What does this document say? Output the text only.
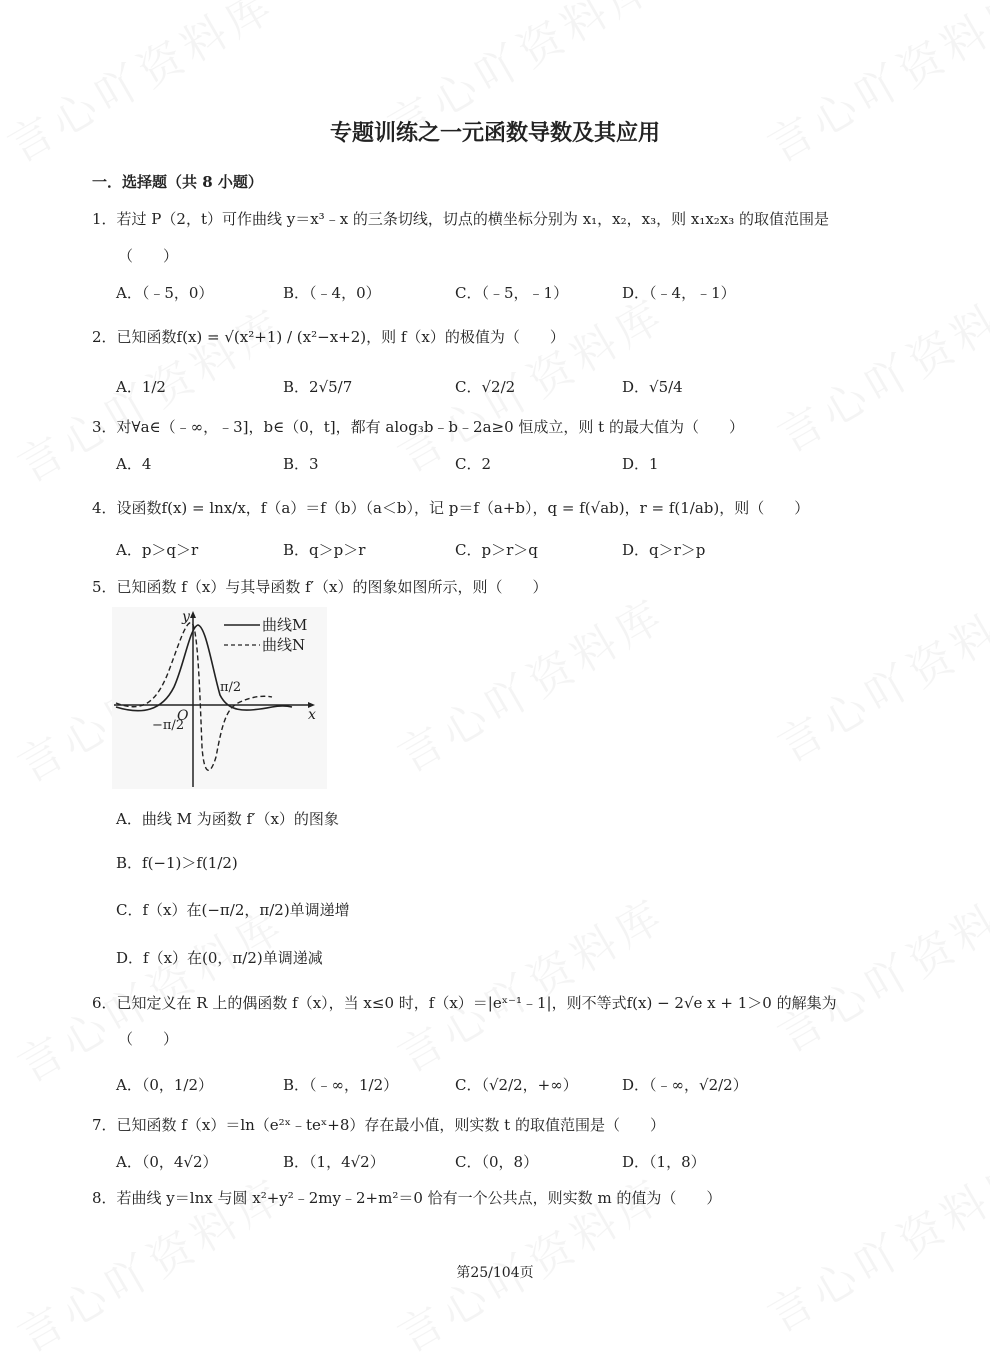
专题训练之一元函数导数及其应用
一．选择题（共 8 小题）
1．若过 P（2，t）可作曲线 y＝x³﹣x 的三条切线，切点的横坐标分别为 x₁，x₂，x₃，则 x₁x₂x₃ 的取值范围是
（　　）
A．（﹣5，0）	B．（﹣4，0）	C．（﹣5，﹣1）	D．（﹣4，﹣1）
2．已知函数f(x) = √(x²+1) / (x²−x+2)，则 f（x）的极值为（　　）
A．1/2	B．2√5/7	C．√2/2	D．√5/4
3．对∀a∈（﹣∞，﹣3]，b∈（0，t]，都有 alog₃b﹣b﹣2a≥0 恒成立，则 t 的最大值为（　　）
A．4	B．3	C．2	D．1
4．设函数f(x) = lnx/x，f（a）＝f（b）（a＜b），记 p＝f（a+b），q = f(√ab)，r = f(1/ab)，则（　　）
A．p＞q＞r	B．q＞p＞r	C．p＞r＞q	D．q＞r＞p
5．已知函数 f（x）与其导函数 f′（x）的图象如图所示，则（　　）
曲线M
曲线N
y
x
O
π/2
−π/2
A．曲线 M 为函数 f′（x）的图象
B．f(−1)＞f(1/2)
C．f（x）在(−π/2，π/2)单调递增
D．f（x）在(0，π/2)单调递减
6．已知定义在 R 上的偶函数 f（x），当 x≤0 时，f（x）＝|eˣ⁻¹﹣1|，则不等式f(x) − 2√e x + 1＞0 的解集为
（　　）
A．（0，1/2）	B．（﹣∞，1/2）	C．（√2/2，+∞）	D．（﹣∞，√2/2）
7．已知函数 f（x）＝ln（e²ˣ﹣teˣ+8）存在最小值，则实数 t 的取值范围是（　　）
A．（0，4√2）	B．（1，4√2）	C．（0，8）	D．（1，8）
8．若曲线 y＝lnx 与圆 x²+y²﹣2my﹣2+m²＝0 恰有一个公共点，则实数 m 的值为（　　）
第25/104页
